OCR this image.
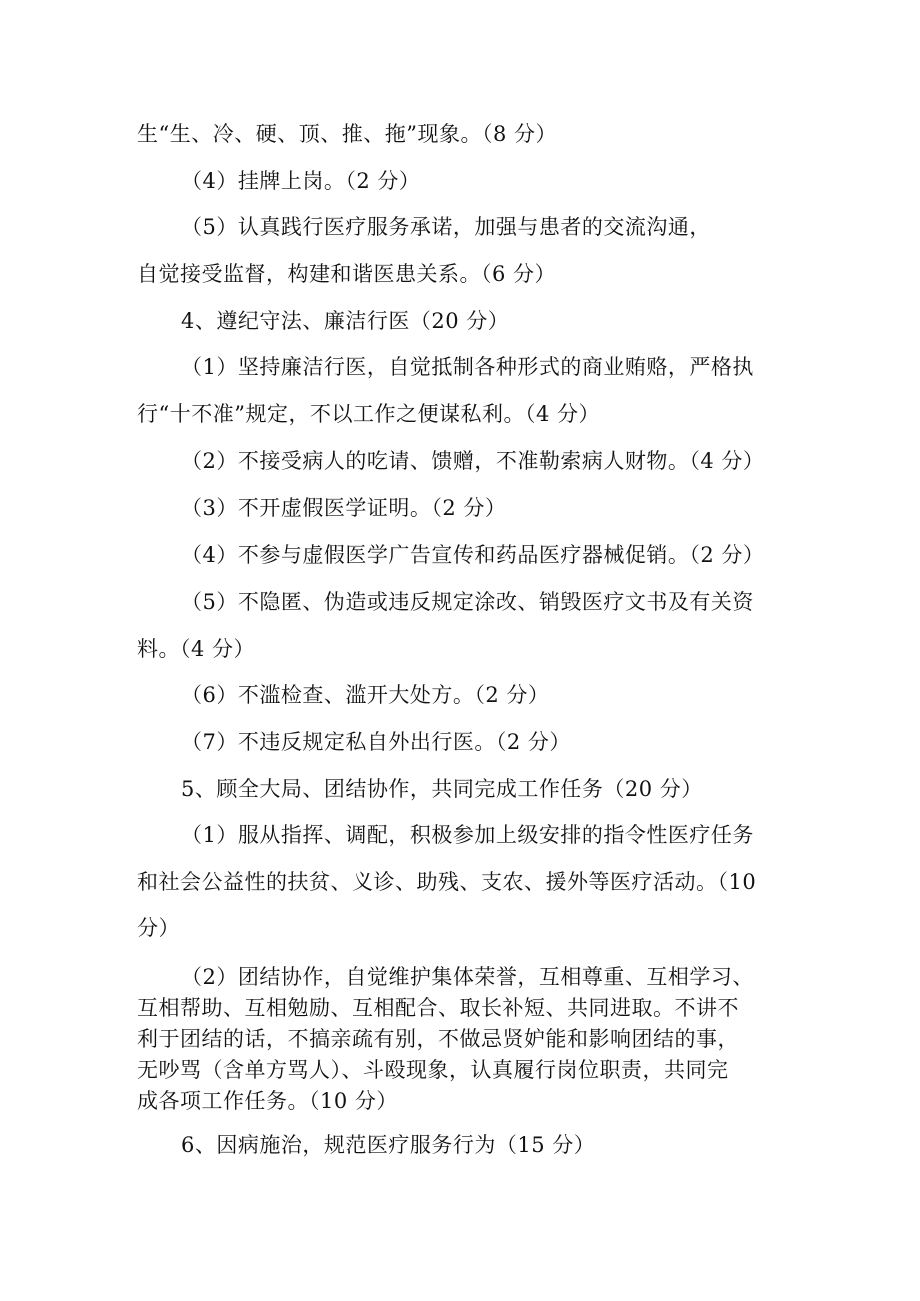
生“生、冷、硬、顶、推、拖”现象。（8 分）
（4）挂牌上岗。（2 分）
（5）认真践行医疗服务承诺，加强与患者的交流沟通，
自觉接受监督，构建和谐医患关系。（6 分）
4、遵纪守法、廉洁行医（20 分）
（1）坚持廉洁行医，自觉抵制各种形式的商业贿赂，严格执
行“十不准”规定，不以工作之便谋私利。（4 分）
（2）不接受病人的吃请、馈赠，不准勒索病人财物。（4 分）
（3）不开虚假医学证明。（2 分）
（4）不参与虚假医学广告宣传和药品医疗器械促销。（2 分）
（5）不隐匿、伪造或违反规定涂改、销毁医疗文书及有关资
料。（4 分）
（6）不滥检查、滥开大处方。（2 分）
（7）不违反规定私自外出行医。（2 分）
5、顾全大局、团结协作，共同完成工作任务（20 分）
（1）服从指挥、调配，积极参加上级安排的指令性医疗任务
和社会公益性的扶贫、义诊、助残、支农、援外等医疗活动。（10
分）
（2）团结协作，自觉维护集体荣誉，互相尊重、互相学习、
互相帮助、互相勉励、互相配合、取长补短、共同进取。不讲不
利于团结的话，不搞亲疏有别，不做忌贤妒能和影响团结的事，
无吵骂（含单方骂人）、斗殴现象，认真履行岗位职责，共同完
成各项工作任务。（10 分）
6、因病施治，规范医疗服务行为（15 分）
